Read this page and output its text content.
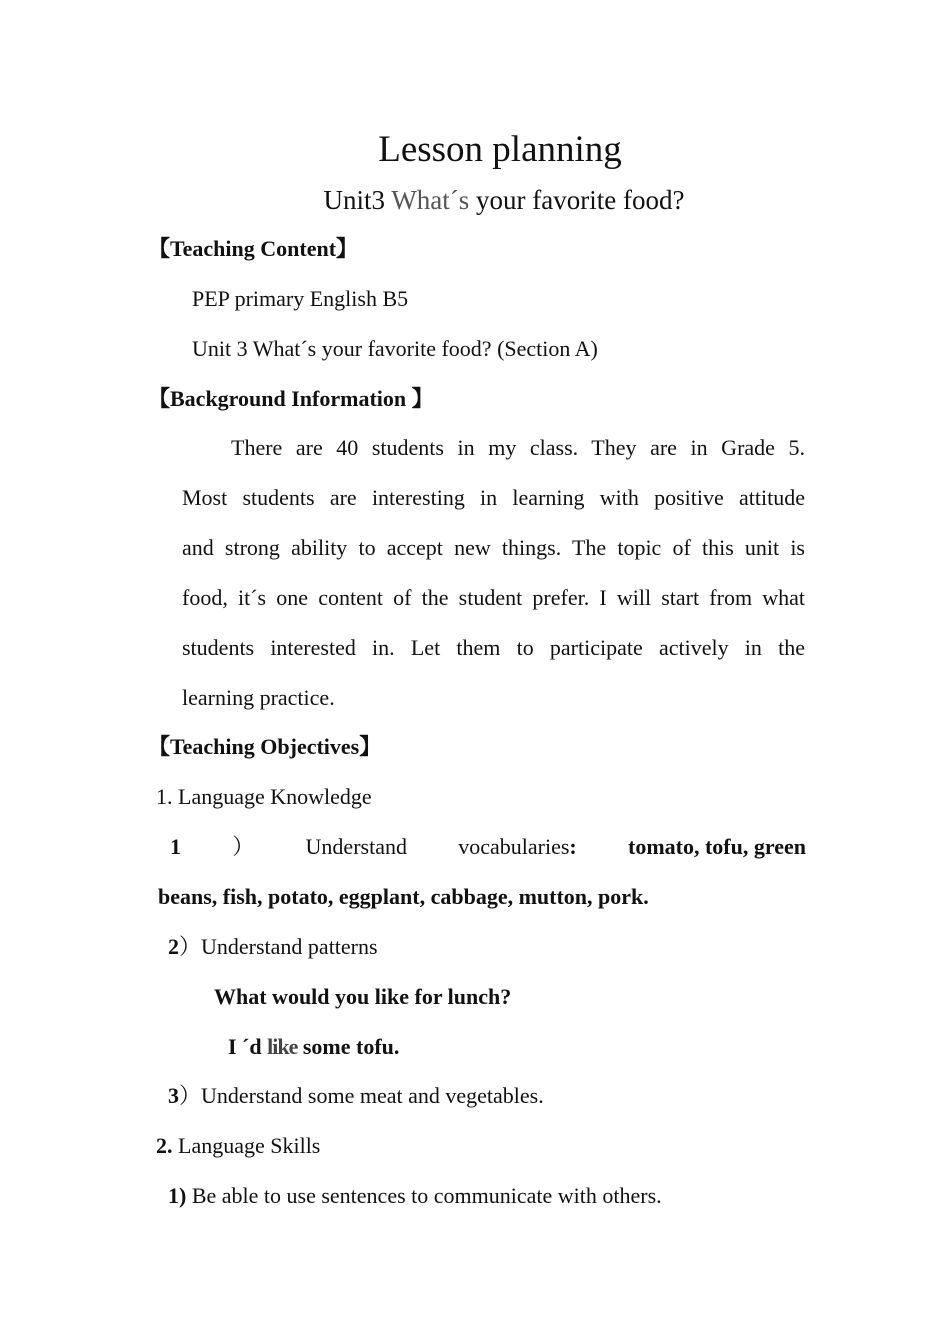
Lesson planning
Unit3 What´s your favorite food?
【Teaching Content】
PEP primary English B5
Unit 3 What´s your favorite food? (Section A)
【Background Information 】
There are 40 students in my class. They are in Grade 5.
Most students are interesting in learning with positive attitude
and strong ability to accept new things. The topic of this unit is
food, it´s one content of the student prefer. I will start from what
students interested in. Let them to participate actively in the
learning practice.
【Teaching Objectives】
1. Language Knowledge
1 ） Understand vocabularies: tomato, tofu, green
beans, fish, potato, eggplant, cabbage, mutton, pork.
2）Understand patterns
What would you like for lunch?
I ´d like some tofu.
3）Understand some meat and vegetables.
2. Language Skills
1) Be able to use sentences to communicate with others.
